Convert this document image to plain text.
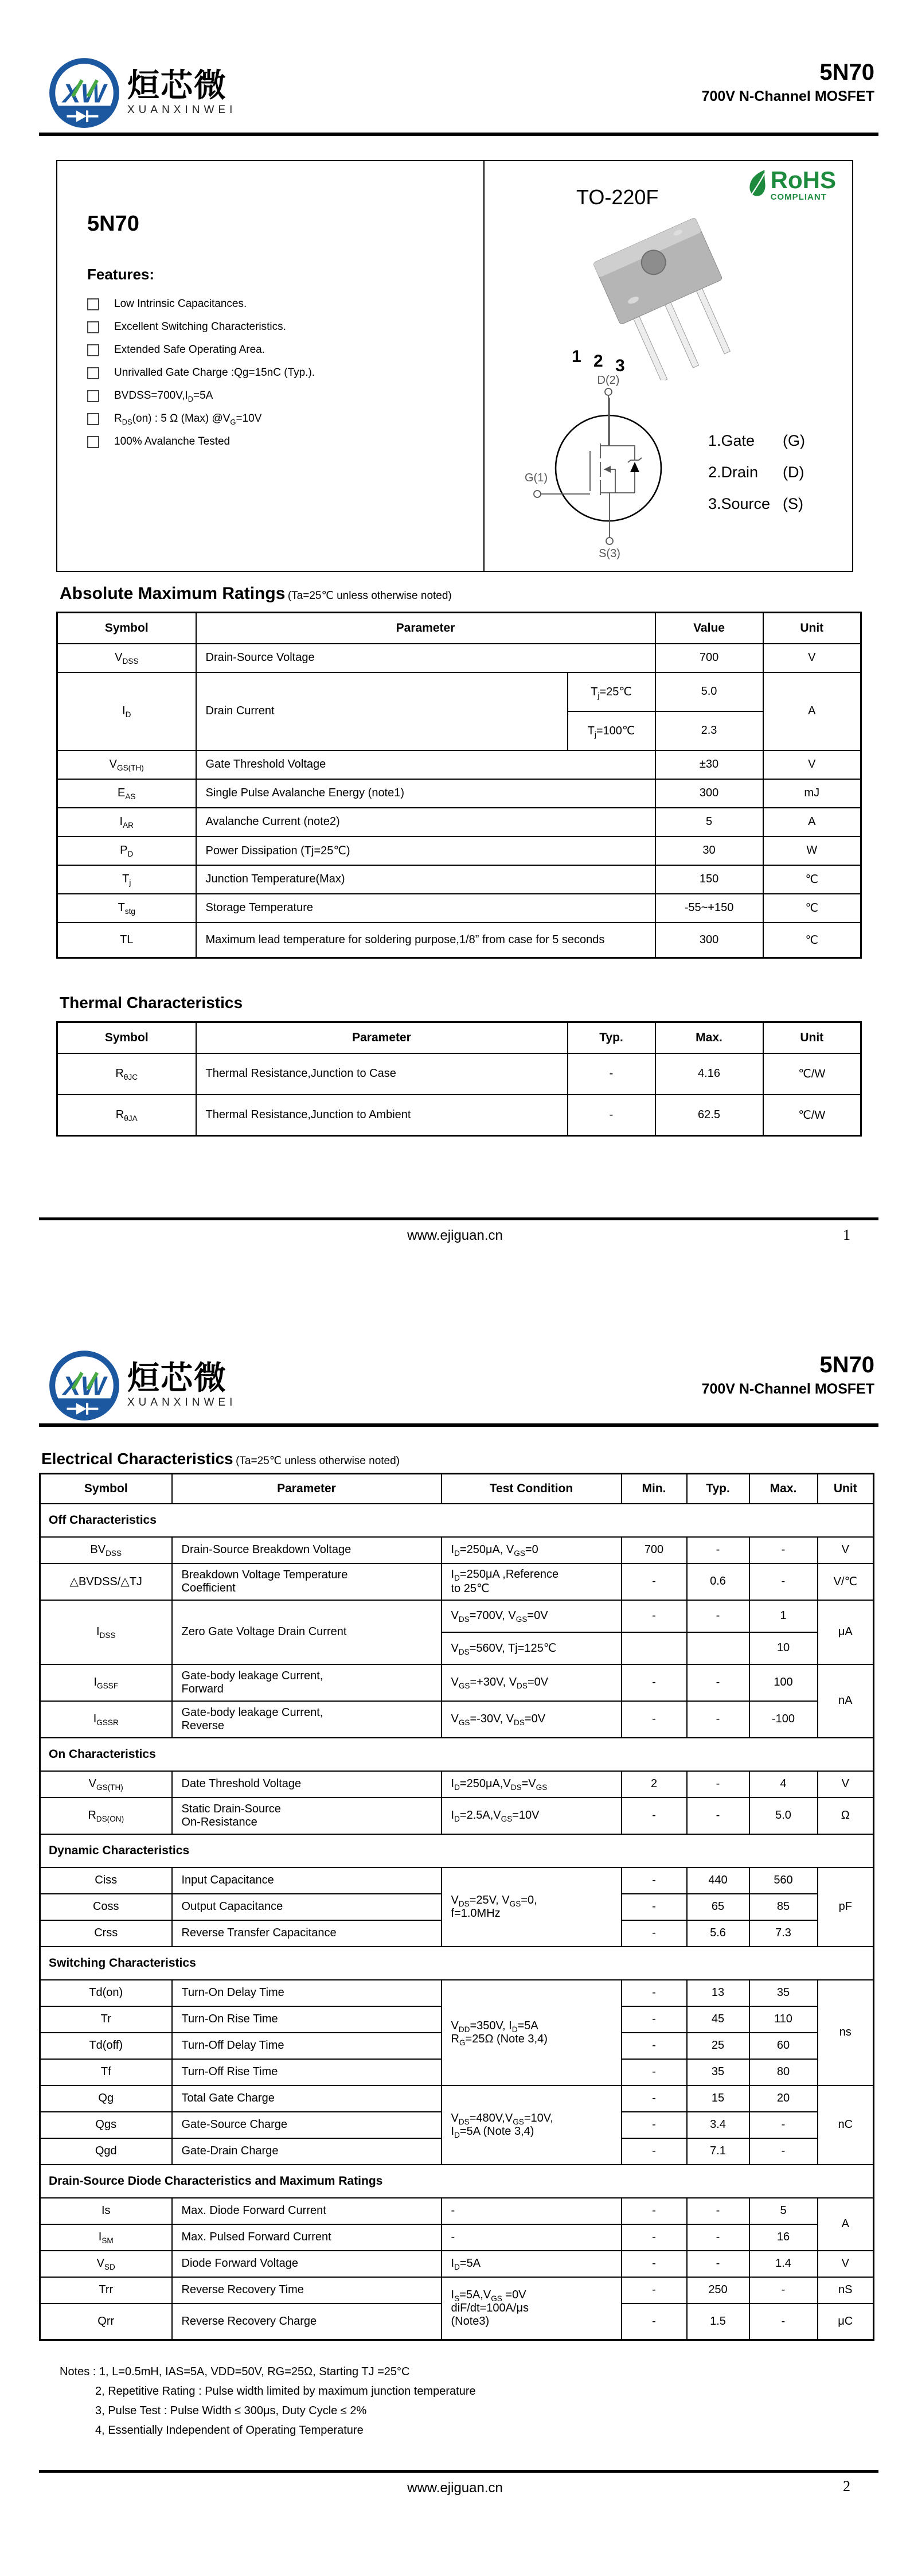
XW 烜芯微
XUANXINWEI
5N70
700V N-Channel MOSFET
5N70
Features:
Low Intrinsic Capacitances.
Excellent Switching Characteristics.
Extended Safe Operating Area.
Unrivalled Gate Charge :Qg=15nC (Typ.).
$BVDSS=700V,I_D=5A$
$R_{DS}(on)$ : 5 Ω (Max) $@V_G=10V$
100% Avalanche Tested
TO-220F
RoHS
COMPLIANT
1 2 3
D(2)
G(1)
S(3)
1.Gate	(G)
2.Drain	(D)
3.Source (S)
Absolute Maximum Ratings (Ta=25℃ unless otherwise noted)
Symbol	Parameter		Value	Unit
$V_{DSS}$	Drain-Source Voltage		700	V
$I_D$	Drain Current	$T_j=25℃$	5.0	A
		$T_j=100℃$	2.3	
$V_{GS(TH)}$	Gate Threshold Voltage		±30	V
$E_{AS}$	Single Pulse Avalanche Energy (note1)		300	mJ
$I_{AR}$	Avalanche Current (note2)		5	A
$P_D$	Power Dissipation (Tj=25℃)		30	W
$T_j$	Junction Temperature(Max)		150	℃
$T_{stg}$	Storage Temperature		-55~+150	℃
TL	Maximum lead temperature for soldering purpose,1/8” from case for 5 seconds		300	℃
Thermal Characteristics
Symbol	Parameter	Typ.	Max.	Unit
$R_{\theta JC}$	Thermal Resistance,Junction to Case	-	4.16	℃/W
$R_{\theta JA}$	Thermal Resistance,Junction to Ambient	-	62.5	℃/W
www.ejiguan.cn	1
XW 烜芯微
XUANXINWEI
5N70
700V N-Channel MOSFET
Electrical Characteristics (Ta=25℃ unless otherwise noted)
Symbol	Parameter	Test Condition	Min.	Typ.	Max.	Unit
Off Characteristics						
$BV_{DSS}$	Drain-Source Breakdown Voltage	$I_D=250\mu A$, $V_{GS}=0$	700	-	-	V
△BVDSS/△TJ	Breakdown Voltage Temperature
Coefficient	$I_D=250\mu A$ ,Reference
to 25℃	-	0.6	-	V/℃
$I_{DSS}$	Zero Gate Voltage Drain Current	$V_{DS}=700V$, $V_{GS}=0V$	-	-	1	μA
		$V_{DS}=560V$, Tj=125℃			10	
$I_{GSSF}$	Gate-body leakage Current,
Forward	$V_{GS}=+30V$, $V_{DS}=0V$	-	-	100	nA
$I_{GSSR}$	Gate-body leakage Current,
Reverse	$V_{GS}=-30V$, $V_{DS}=0V$	-	-	-100	
On Characteristics						
$V_{GS(TH)}$	Date Threshold Voltage	$I_D=250\mu A,V_{DS}=V_{GS}$	2	-	4	V
$R_{DS(ON)}$	Static Drain-Source
On-Resistance	$I_D=2.5A,V_{GS}=10V$	-	-	5.0	Ω
Dynamic Characteristics						
Ciss	Input Capacitance	$V_{DS}=25V$, $V_{GS}=0$,
f=1.0MHz	-	440	560	pF
Coss	Output Capacitance		-	65	85	
Crss	Reverse Transfer Capacitance		-	5.6	7.3	
Switching Characteristics						
Td(on)	Turn-On Delay Time	$V_{DD}=350V$, $I_D=5A$
$R_G=25\Omega$ (Note 3,4)	-	13	35	ns
Tr	Turn-On Rise Time		-	45	110	
Td(off)	Turn-Off Delay Time		-	25	60	
Tf	Turn-Off Rise Time		-	35	80	
Qg	Total Gate Charge	$V_{DS}=480V,V_{GS}=10V$,
$I_D=5A$ (Note 3,4)	-	15	20	nC
Qgs	Gate-Source Charge		-	3.4	-	
Qgd	Gate-Drain Charge		-	7.1	-	
Drain-Source Diode Characteristics and Maximum Ratings						
Is	Max. Diode Forward Current	-	-	-	5	A
$I_{SM}$	Max. Pulsed Forward Current	-	-	-	16	
$V_{SD}$	Diode Forward Voltage	$I_D=5A$	-	-	1.4	V
Trr	Reverse Recovery Time	$I_S=5A,V_{GS} =0V$
diF/dt=100A/μs
(Note3)	-	250	-	nS
Qrr	Reverse Recovery Charge		-	1.5	-	μC
Notes : 1, L=0.5mH, IAS=5A, VDD=50V, RG=25Ω, Starting TJ =25°C
2, Repetitive Rating : Pulse width limited by maximum junction temperature
3, Pulse Test : Pulse Width ≤ 300μs, Duty Cycle ≤ 2%
4, Essentially Independent of Operating Temperature
www.ejiguan.cn	2
